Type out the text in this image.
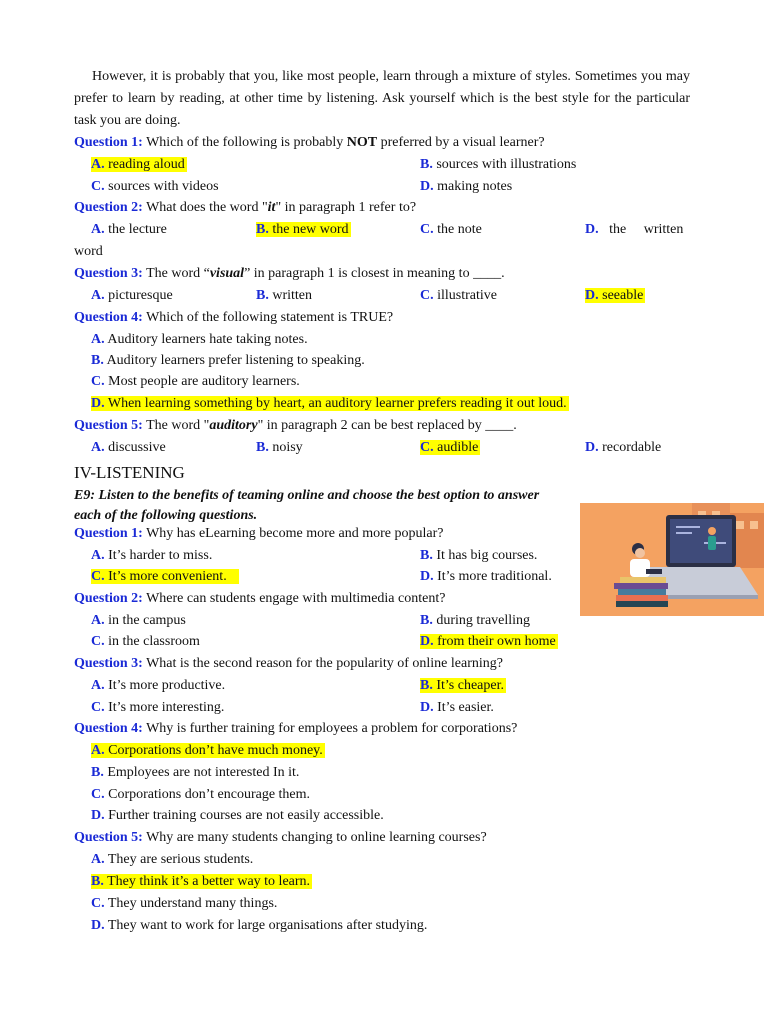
However, it is probably that you, like most people, learn through a mixture of styles. Sometimes you may prefer to learn by reading, at other time by listening. Ask yourself which is the best style for the particular task you are doing.
Question 1: Which of the following is probably NOT preferred by a visual learner?
A. reading aloud	B. sources with illustrations
C. sources with videos	D. making notes
Question 2: What does the word "it" in paragraph 1 refer to?
A. the lecture	B. the new word	C. the note	D. the     written
word
Question 3: The word “visual” in paragraph 1 is closest in meaning to ____.
A. picturesque	B. written	C. illustrative	D. seeable
Question 4: Which of the following statement is TRUE?
A. Auditory learners hate taking notes.
B. Auditory learners prefer listening to speaking.
C. Most people are auditory learners.
D. When learning something by heart, an auditory learner prefers reading it out loud.
Question 5: The word "auditory" in paragraph 2 can be best replaced by ____.
A. discussive	B. noisy	C. audible	D. recordable
IV-LISTENING
E9: Listen to the benefits of teaming online and choose the best option to answer each of the following questions.
Question 1: Why has eLearning become more and more popular?
A. It’s harder to miss.	B. It has big courses.
C. It’s more convenient.	D. It’s more traditional.
Question 2: Where can students engage with multimedia content?
A. in the campus	B. during travelling
C. in the classroom	D. from their own home
Question 3: What is the second reason for the popularity of online learning?
A. It’s more productive.	B. It’s cheaper.
C. It’s more interesting.	D. It’s easier.
Question 4: Why is further training for employees a problem for corporations?
A. Corporations don’t have much money.
B. Employees are not interested In it.
C. Corporations don’t encourage them.
D. Further training courses are not easily accessible.
Question 5: Why are many students changing to online learning courses?
A. They are serious students.
B. They think it’s a better way to learn.
C. They understand many things.
D. They want to work for large organisations after studying.
